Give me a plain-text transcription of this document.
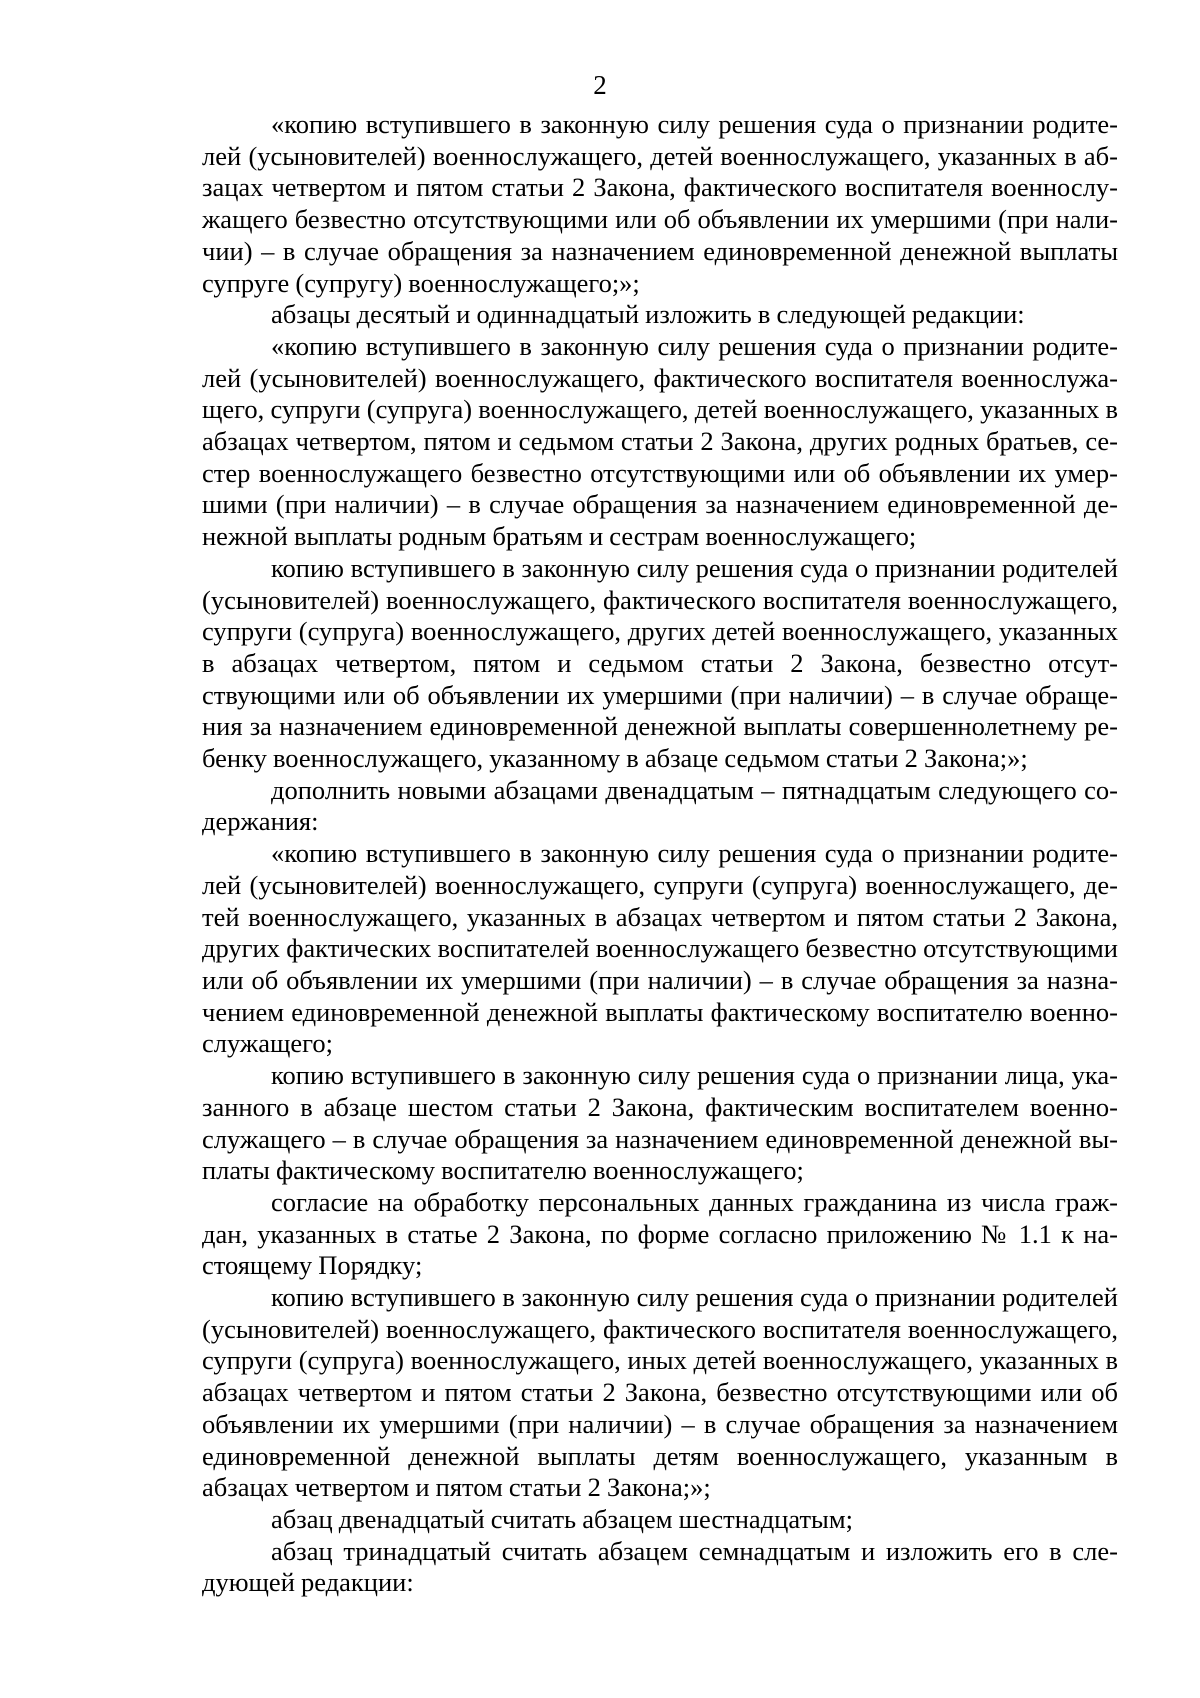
2

«копию вступившего в законную силу решения суда о признании родителей (усыновителей) военнослужащего, детей военнослужащего, указанных в абзацах четвертом и пятом статьи 2 Закона, фактического воспитателя военнослужащего безвестно отсутствующими или об объявлении их умершими (при наличии) – в случае обращения за назначением единовременной денежной выплаты супруге (супругу) военнослужащего;»;

абзацы десятый и одиннадцатый изложить в следующей редакции:

«копию вступившего в законную силу решения суда о признании родителей (усыновителей) военнослужащего, фактического воспитателя военнослужащего, супруги (супруга) военнослужащего, детей военнослужащего, указанных в абзацах четвертом, пятом и седьмом статьи 2 Закона, других родных братьев, сестер военнослужащего безвестно отсутствующими или об объявлении их умершими (при наличии) – в случае обращения за назначением единовременной денежной выплаты родным братьям и сестрам военнослужащего;

копию вступившего в законную силу решения суда о признании родителей (усыновителей) военнослужащего, фактического воспитателя военнослужащего, супруги (супруга) военнослужащего, других детей военнослужащего, указанных в абзацах четвертом, пятом и седьмом статьи 2 Закона, безвестно отсутствующими или об объявлении их умершими (при наличии) – в случае обращения за назначением единовременной денежной выплаты совершеннолетнему ребенку военнослужащего, указанному в абзаце седьмом статьи 2 Закона;»;

дополнить новыми абзацами двенадцатым – пятнадцатым следующего содержания:

«копию вступившего в законную силу решения суда о признании родителей (усыновителей) военнослужащего, супруги (супруга) военнослужащего, детей военнослужащего, указанных в абзацах четвертом и пятом статьи 2 Закона, других фактических воспитателей военнослужащего безвестно отсутствующими или об объявлении их умершими (при наличии) – в случае обращения за назначением единовременной денежной выплаты фактическому воспитателю военнослужащего;

копию вступившего в законную силу решения суда о признании лица, указанного в абзаце шестом статьи 2 Закона, фактическим воспитателем военнослужащего – в случае обращения за назначением единовременной денежной выплаты фактическому воспитателю военнослужащего;

согласие на обработку персональных данных гражданина из числа граждан, указанных в статье 2 Закона, по форме согласно приложению № 1.1 к настоящему Порядку;

копию вступившего в законную силу решения суда о признании родителей (усыновителей) военнослужащего, фактического воспитателя военнослужащего, супруги (супруга) военнослужащего, иных детей военнослужащего, указанных в абзацах четвертом и пятом статьи 2 Закона, безвестно отсутствующими или об объявлении их умершими (при наличии) – в случае обращения за назначением единовременной денежной выплаты детям военнослужащего, указанным в абзацах четвертом и пятом статьи 2 Закона;»;

абзац двенадцатый считать абзацем шестнадцатым;

абзац тринадцатый считать абзацем семнадцатым и изложить его в следующей редакции:
